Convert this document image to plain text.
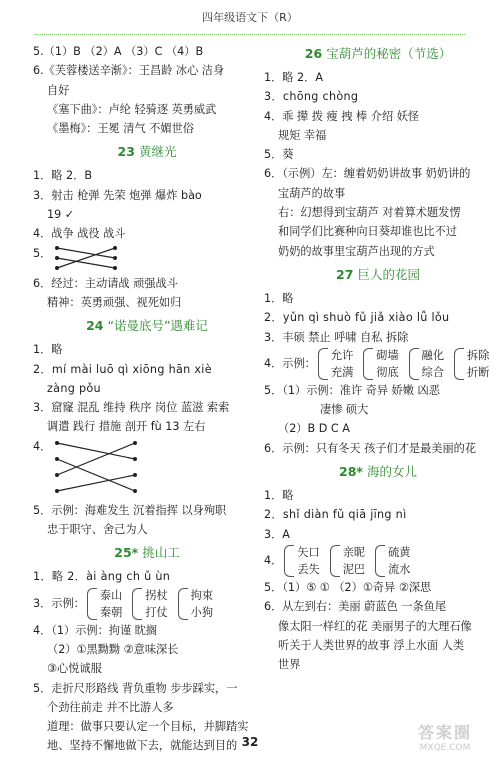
四年级语文下（R）
5.（1）B （2）A （3）C （4）B
6.《芙蓉楼送辛渐》：王昌龄 冰心 洁身
自好
《塞下曲》：卢纶 轻骑逐 英勇威武
《墨梅》：王冕 清气 不媚世俗
23 黄继光
1．略 2．B
3．射击 枪弹 先荣 炮弹 爆炸 bào
19 ✓
4．战争 战役 战斗
5．
6．经过：主动请战 顽强战斗
精神：英勇顽强、视死如归
24 “诺曼底号”遇难记
1．略
2．mí mài luō qì xiōng hān xiè
zàng pǒu
3．窟窿 混乱 维持 秩序 岗位 蓝滋 索索
调遣 践行 措施 剖开 fù 13 左右
4．
5．示例：海难发生 沉着指挥 以身殉职
忠于职守、舍己为人
25* 挑山工
1．略 2．ài àng ch ǔ ùn
3．示例：
泰山
秦朝
拐杖
打仗
拘束
小狗
4．（1）示例：拘谨 眈搁
（2）①黑黝黝 ②意味深长
③心悦诚服
5．走折尺形路线 背负重物 步步踩实，一
个劲往前走 并不比游人多
道理：做事只要认定一个目标，并脚踏实
地、坚持不懈地做下去，就能达到目的
26 宝葫芦的秘密（节选）
1．略 2．A
3．chōng chòng
4．乖 撵 拨 瘦 拽 棒 介绍 妖怪
规矩 幸福
5．葵
6．（示例）左：缠着奶奶讲故事 奶奶讲的
宝葫芦的故事
右：幻想得到宝葫芦 对着算术题发愣
和同学们比赛种向日葵却谁也比不过
奶奶的故事里宝葫芦出现的方式
27 巨人的花园
1．略
2．yǔn qì shuò fǔ jiǎ xiào lǚ lǒu
3．丰硕 禁止 呼啸 自私 拆除
4．示例：
允许
充满
砌墙
彻底
融化
综合
拆除
折断
5．（1）示例：准许 奇异 娇嫩 凶恶
凄惨 硕大
（2）B D C A
6．示例：只有冬天 孩子们才是最美丽的花
28* 海的女儿
1．略
2．shǐ diàn fǔ qiā jīng nì
3．A
4．
矢口
丢失
亲昵
泥巴
硫黄
流水
5．（1）⑤ ① （2）①奇异 ②深思
6．从左到右：美丽 蔚蓝色 一条鱼尾
像太阳一样红的花 美丽男子的大理石像
听关于人类世界的故事 浮上水面 人类
世界
32	答案圈
MXQE.COM
